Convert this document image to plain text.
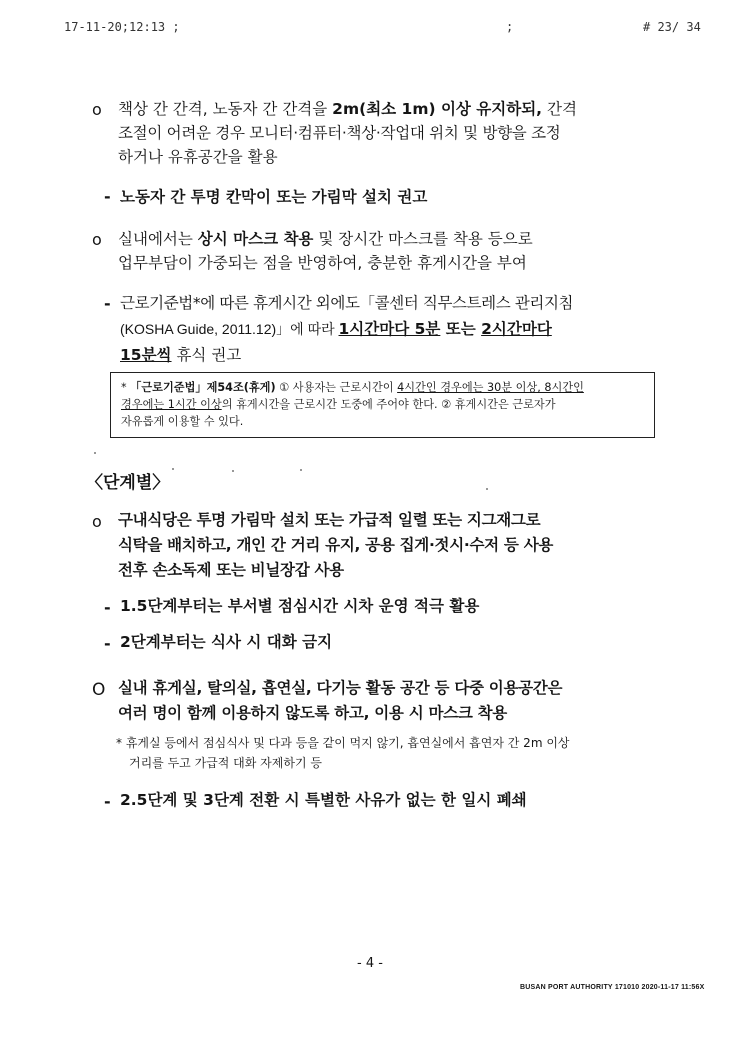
17-11-20;12:13 ;	;	# 23/ 34
o 책상 간 간격, 노동자 간 간격을 2m(최소 1m) 이상 유지하되, 간격
조절이 어려운 경우 모니터·컴퓨터·책상·작업대 위치 및 방향을 조정
하거나 유휴공간을 활용
- 노동자 간 투명 칸막이 또는 가림막 설치 권고
o 실내에서는 상시 마스크 착용 및 장시간 마스크를 착용 등으로
업무부담이 가중되는 점을 반영하여, 충분한 휴게시간을 부여
- 근로기준법*에 따른 휴게시간 외에도「콜센터 직무스트레스 관리지침
(KOSHA Guide, 2011.12)」에 따라 1시간마다 5분 또는 2시간마다
15분씩 휴식 권고
* 「근로기준법」제54조(휴게) ① 사용자는 근로시간이 4시간인 경우에는 30분 이상, 8시간인
경우에는 1시간 이상의 휴게시간을 근로시간 도중에 주어야 한다. ② 휴게시간은 근로자가
자유롭게 이용할 수 있다.
〈단계별〉
o 구내식당은 투명 가림막 설치 또는 가급적 일렬 또는 지그재그로
식탁을 배치하고, 개인 간 거리 유지, 공용 집게·젓시·수저 등 사용
전후 손소독제 또는 비닐장갑 사용
- 1.5단계부터는 부서별 점심시간 시차 운영 적극 활용
- 2단계부터는 식사 시 대화 금지
O 실내 휴게실, 탈의실, 흡연실, 다기능 활동 공간 등 다중 이용공간은
여러 명이 함께 이용하지 않도록 하고, 이용 시 마스크 착용
* 휴게실 등에서 점심식사 및 다과 등을 같이 먹지 않기, 흡연실에서 흡연자 간 2m 이상
거리를 두고 가급적 대화 자제하기 등
- 2.5단계 및 3단계 전환 시 특별한 사유가 없는 한 일시 폐쇄
- 4 -
BUSAN PORT AUTHORITY 171010 2020-11-17 11:56X
